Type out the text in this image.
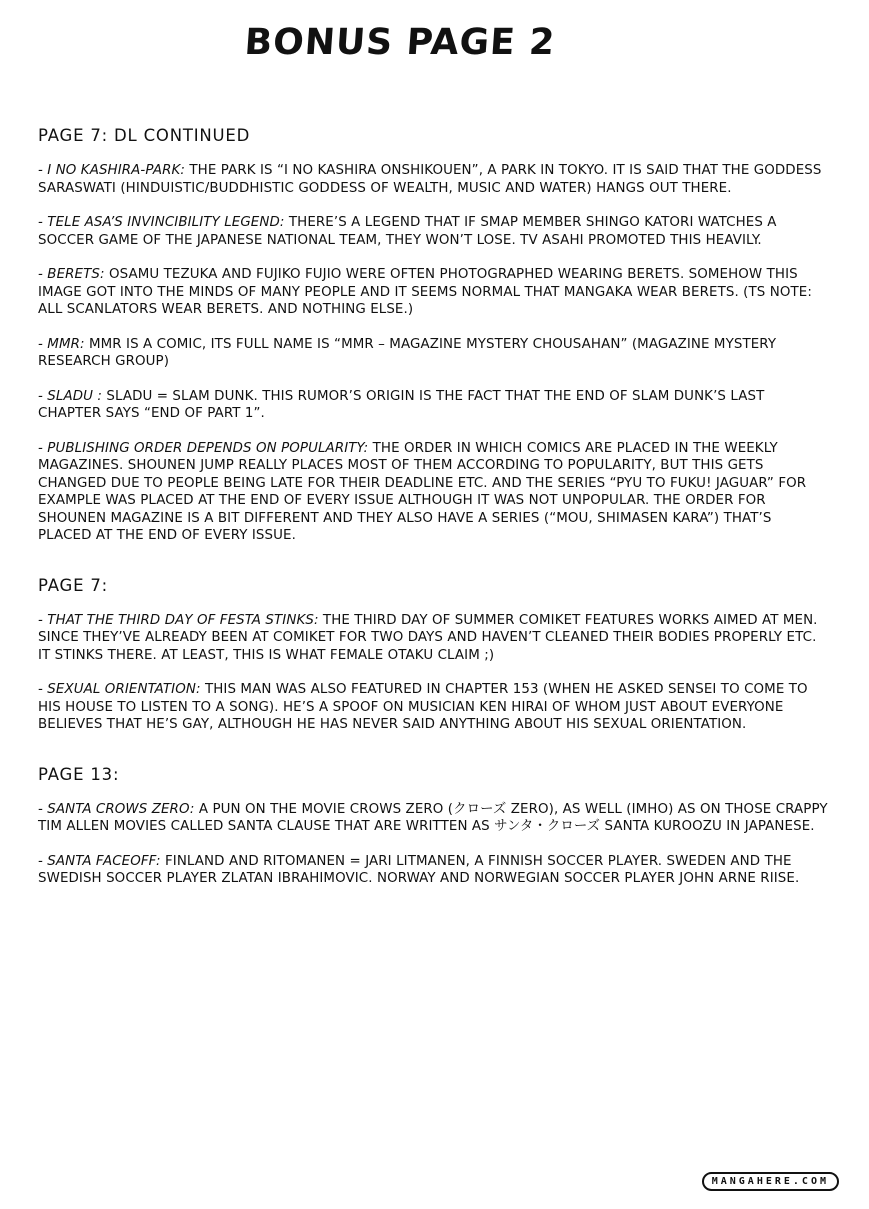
BONUS PAGE 2
PAGE 7: DL CONTINUED

- I NO KASHIRA-PARK: THE PARK IS “I NO KASHIRA ONSHIKOUEN”, A PARK IN TOKYO. IT IS SAID THAT THE GODDESS SARASWATI (HINDUISTIC/BUDDHISTIC GODDESS OF WEALTH, MUSIC AND WATER) HANGS OUT THERE.

- TELE ASA’S INVINCIBILITY LEGEND: THERE’S A LEGEND THAT IF SMAP MEMBER SHINGO KATORI WATCHES A SOCCER GAME OF THE JAPANESE NATIONAL TEAM, THEY WON’T LOSE. TV ASAHI PROMOTED THIS HEAVILY.

- BERETS: OSAMU TEZUKA AND FUJIKO FUJIO WERE OFTEN PHOTOGRAPHED WEARING BERETS. SOMEHOW THIS IMAGE GOT INTO THE MINDS OF MANY PEOPLE AND IT SEEMS NORMAL THAT MANGAKA WEAR BERETS. (TS NOTE: ALL SCANLATORS WEAR BERETS. AND NOTHING ELSE.)

- MMR: MMR IS A COMIC, ITS FULL NAME IS “MMR – MAGAZINE MYSTERY CHOUSAHAN” (MAGAZINE MYSTERY RESEARCH GROUP)

- SLADU : SLADU = SLAM DUNK. THIS RUMOR’S ORIGIN IS THE FACT THAT THE END OF SLAM DUNK’S LAST CHAPTER SAYS “END OF PART 1”.

- PUBLISHING ORDER DEPENDS ON POPULARITY: THE ORDER IN WHICH COMICS ARE PLACED IN THE WEEKLY MAGAZINES. SHOUNEN JUMP REALLY PLACES MOST OF THEM ACCORDING TO POPULARITY, BUT THIS GETS CHANGED DUE TO PEOPLE BEING LATE FOR THEIR DEADLINE ETC. AND THE SERIES “PYU TO FUKU! JAGUAR” FOR EXAMPLE WAS PLACED AT THE END OF EVERY ISSUE ALTHOUGH IT WAS NOT UNPOPULAR. THE ORDER FOR SHOUNEN MAGAZINE IS A BIT DIFFERENT AND THEY ALSO HAVE A SERIES (“MOU, SHIMASEN KARA”) THAT’S PLACED AT THE END OF EVERY ISSUE.

PAGE 7:

- THAT THE THIRD DAY OF FESTA STINKS: THE THIRD DAY OF SUMMER COMIKET FEATURES WORKS AIMED AT MEN. SINCE THEY’VE ALREADY BEEN AT COMIKET FOR TWO DAYS AND HAVEN’T CLEANED THEIR BODIES PROPERLY ETC. IT STINKS THERE. AT LEAST, THIS IS WHAT FEMALE OTAKU CLAIM ;)

- SEXUAL ORIENTATION: THIS MAN WAS ALSO FEATURED IN CHAPTER 153 (WHEN HE ASKED SENSEI TO COME TO HIS HOUSE TO LISTEN TO A SONG). HE’S A SPOOF ON MUSICIAN KEN HIRAI OF WHOM JUST ABOUT EVERYONE BELIEVES THAT HE’S GAY, ALTHOUGH HE HAS NEVER SAID ANYTHING ABOUT HIS SEXUAL ORIENTATION.

PAGE 13:

- SANTA CROWS ZERO: A PUN ON THE MOVIE CROWS ZERO (クローズ ZERO), AS WELL (IMHO) AS ON THOSE CRAPPY TIM ALLEN MOVIES CALLED SANTA CLAUSE THAT ARE WRITTEN AS サンタ・クローズ SANTA KUROOZU IN JAPANESE.

- SANTA FACEOFF: FINLAND AND RITOMANEN = JARI LITMANEN, A FINNISH SOCCER PLAYER. SWEDEN AND THE SWEDISH SOCCER PLAYER ZLATAN IBRAHIMOVIC. NORWAY AND NORWEGIAN SOCCER PLAYER JOHN ARNE RIISE.

MANGAHERE.COM
